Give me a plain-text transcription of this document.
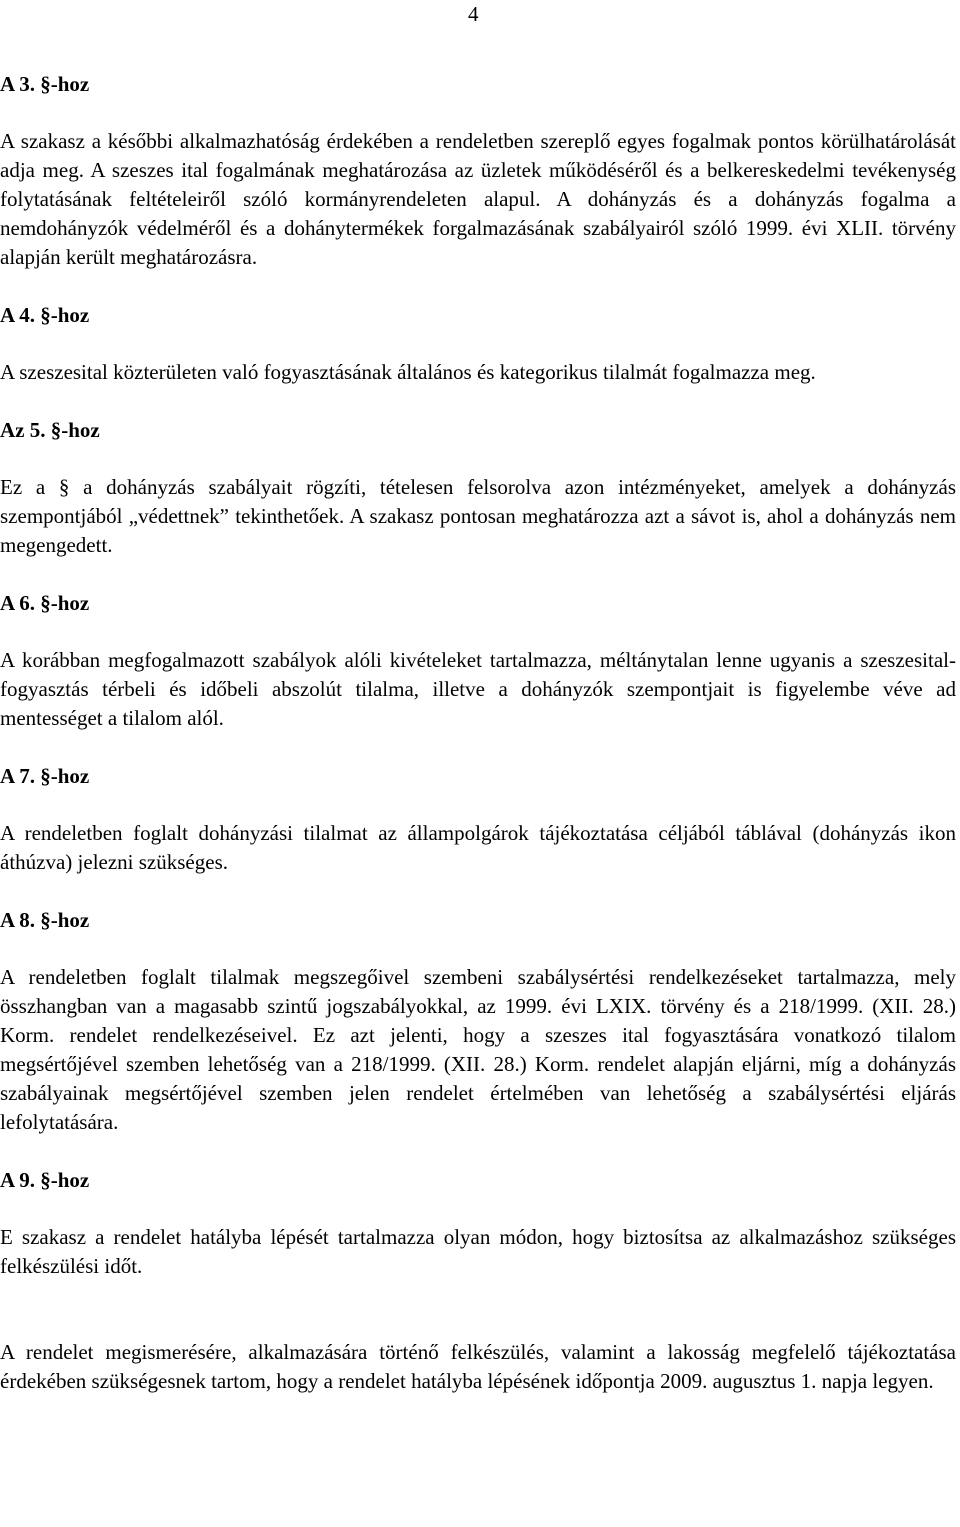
4
A 3. §-hoz

A szakasz a későbbi alkalmazhatóság érdekében a rendeletben szereplő egyes fogalmak pontos körülhatárolását adja meg. A szeszes ital fogalmának meghatározása az üzletek működéséről és a belkereskedelmi tevékenység folytatásának feltételeiről szóló kormányrendeleten alapul. A dohányzás és a dohányzás fogalma a nemdohányzók védelméről és a dohánytermékek forgalmazásának szabályairól szóló 1999. évi XLII. törvény alapján került meghatározásra.

A 4. §-hoz

A szeszesital közterületen való fogyasztásának általános és kategorikus tilalmát fogalmazza meg.

Az 5. §-hoz

Ez a § a dohányzás szabályait rögzíti, tételesen felsorolva azon intézményeket, amelyek a dohányzás szempontjából „védettnek” tekinthetőek. A szakasz pontosan meghatározza azt a sávot is, ahol a dohányzás nem megengedett.

A 6. §-hoz

A korábban megfogalmazott szabályok alóli kivételeket tartalmazza, méltánytalan lenne ugyanis a szeszesital-fogyasztás térbeli és időbeli abszolút tilalma, illetve a dohányzók szempontjait is figyelembe véve ad mentességet a tilalom alól.

A 7. §-hoz

A rendeletben foglalt dohányzási tilalmat az állampolgárok tájékoztatása céljából táblával (dohányzás ikon áthúzva) jelezni szükséges.

A 8. §-hoz

A rendeletben foglalt tilalmak megszegőivel szembeni szabálysértési rendelkezéseket tartalmazza, mely összhangban van a magasabb szintű jogszabályokkal, az 1999. évi LXIX. törvény és a 218/1999. (XII. 28.) Korm. rendelet rendelkezéseivel. Ez azt jelenti, hogy a szeszes ital fogyasztására vonatkozó tilalom megsértőjével szemben lehetőség van a 218/1999. (XII. 28.) Korm. rendelet alapján eljárni, míg a dohányzás szabályainak megsértőjével szemben jelen rendelet értelmében van lehetőség a szabálysértési eljárás lefolytatására.

A 9. §-hoz

E szakasz a rendelet hatályba lépését tartalmazza olyan módon, hogy biztosítsa az alkalmazáshoz szükséges felkészülési időt.

A rendelet megismerésére, alkalmazására történő felkészülés, valamint a lakosság megfelelő tájékoztatása érdekében szükségesnek tartom, hogy a rendelet hatályba lépésének időpontja 2009. augusztus 1. napja legyen.
